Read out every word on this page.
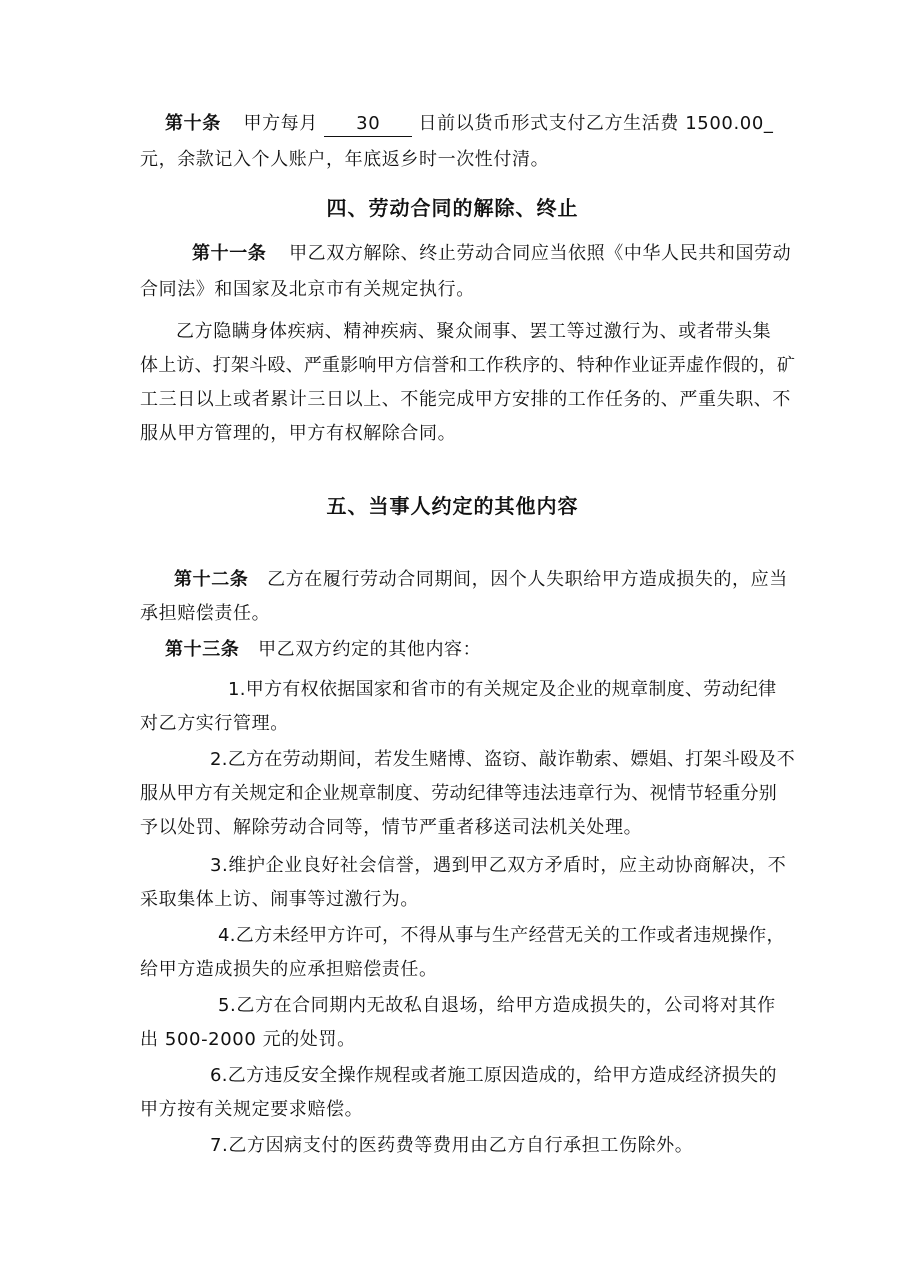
第十条 甲方每月 30 日前以货币形式支付乙方生活费 1500.00_
元，余款记入个人账户，年底返乡时一次性付清。
四、劳动合同的解除、终止
第十一条 甲乙双方解除、终止劳动合同应当依照《中华人民共和国劳动
合同法》和国家及北京市有关规定执行。
乙方隐瞒身体疾病、精神疾病、聚众闹事、罢工等过激行为、或者带头集
体上访、打架斗殴、严重影响甲方信誉和工作秩序的、特种作业证弄虚作假的，矿
工三日以上或者累计三日以上、不能完成甲方安排的工作任务的、严重失职、不
服从甲方管理的，甲方有权解除合同。
五、当事人约定的其他内容
第十二条 乙方在履行劳动合同期间，因个人失职给甲方造成损失的，应当
承担赔偿责任。
第十三条 甲乙双方约定的其他内容：
1.甲方有权依据国家和省市的有关规定及企业的规章制度、劳动纪律
对乙方实行管理。
2.乙方在劳动期间，若发生赌博、盗窃、敲诈勒索、嫖娼、打架斗殴及不
服从甲方有关规定和企业规章制度、劳动纪律等违法违章行为、视情节轻重分别
予以处罚、解除劳动合同等，情节严重者移送司法机关处理。
3.维护企业良好社会信誉，遇到甲乙双方矛盾时，应主动协商解决，不
采取集体上访、闹事等过激行为。
4.乙方未经甲方许可，不得从事与生产经营无关的工作或者违规操作，
给甲方造成损失的应承担赔偿责任。
5.乙方在合同期内无故私自退场，给甲方造成损失的，公司将对其作
出 500-2000 元的处罚。
6.乙方违反安全操作规程或者施工原因造成的，给甲方造成经济损失的
甲方按有关规定要求赔偿。
7.乙方因病支付的医药费等费用由乙方自行承担工伤除外。
